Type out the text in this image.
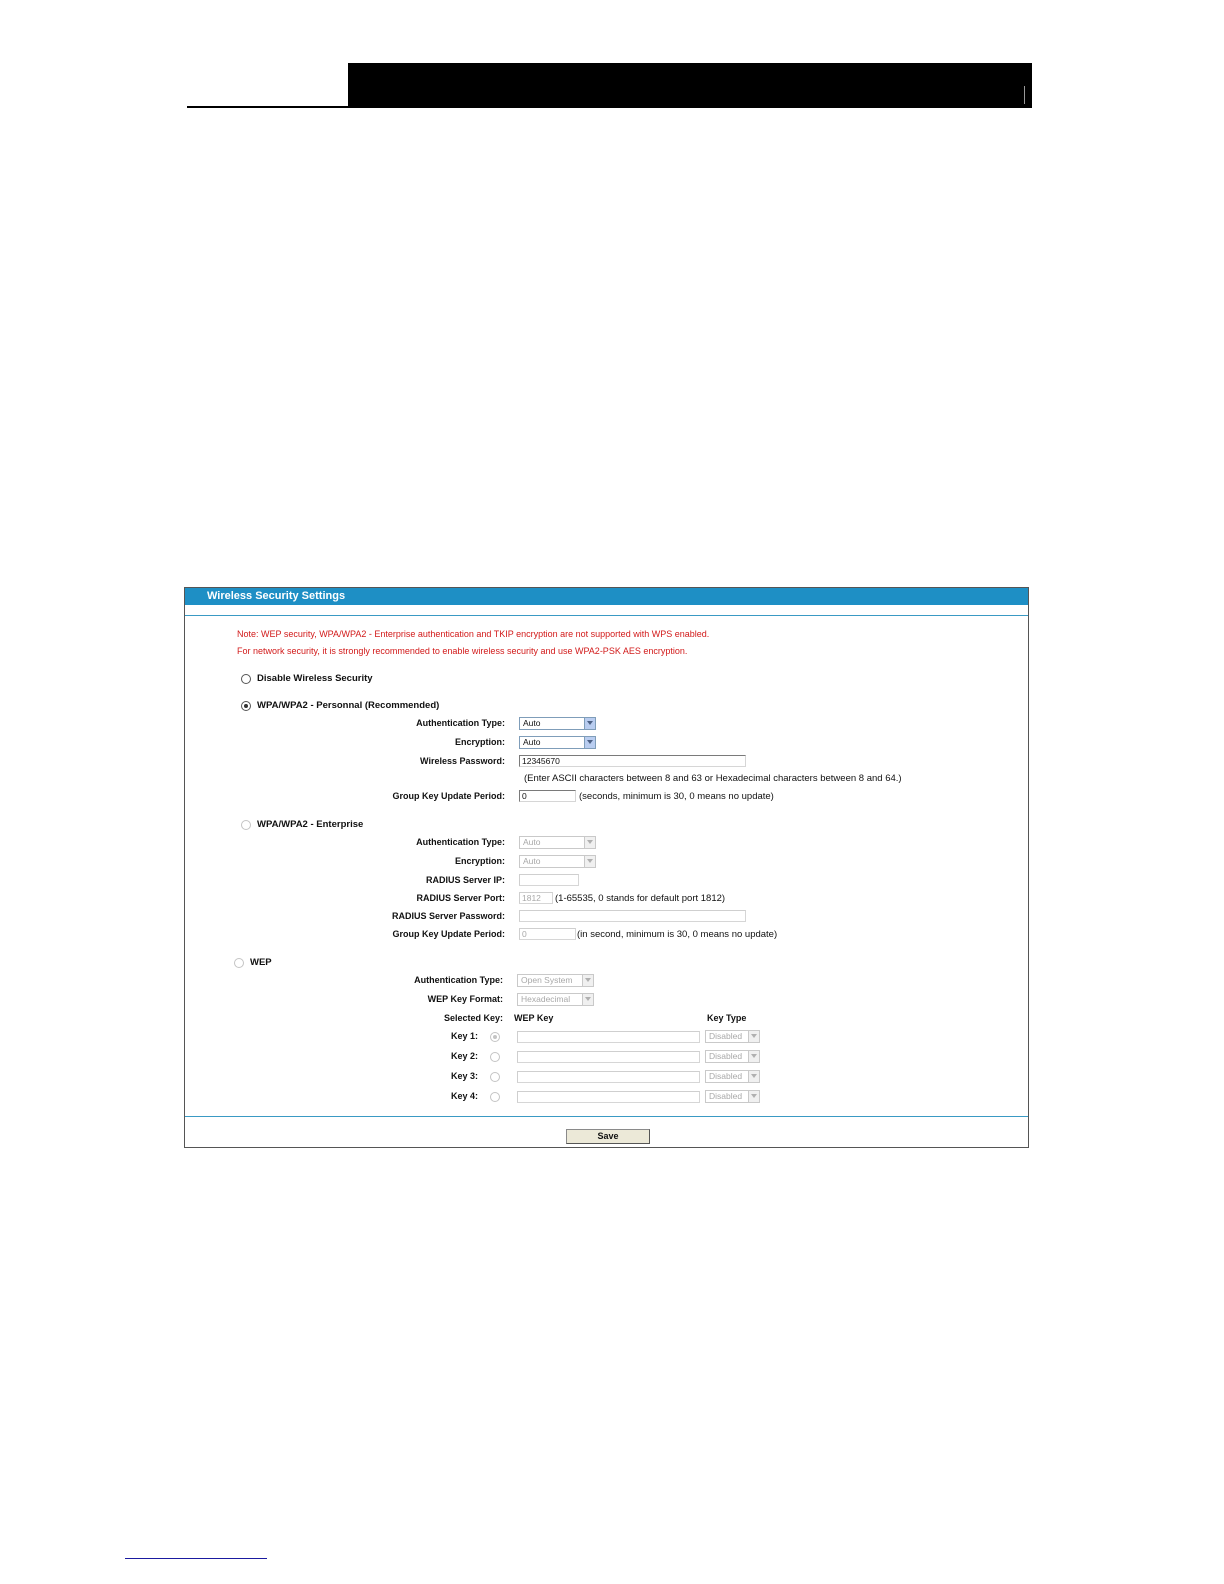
Wireless Security Settings
Note: WEP security, WPA/WPA2 - Enterprise authentication and TKIP encryption are not supported with WPS enabled.
For network security, it is strongly recommended to enable wireless security and use WPA2-PSK AES encryption.
Disable Wireless Security
WPA/WPA2 - Personnal (Recommended)
Authentication Type:	Auto
Encryption:	Auto
Wireless Password:	12345670
(Enter ASCII characters between 8 and 63 or Hexadecimal characters between 8 and 64.)
Group Key Update Period:	0	(seconds, minimum is 30, 0 means no update)
WPA/WPA2 - Enterprise
Authentication Type:	Auto
Encryption:	Auto
RADIUS Server IP:
RADIUS Server Port:	1812	(1-65535, 0 stands for default port 1812)
RADIUS Server Password:
Group Key Update Period:	0	(in second, minimum is 30, 0 means no update)
WEP
Authentication Type:	Open System
WEP Key Format:	Hexadecimal
Selected Key: WEP Key	Key Type
Key 1:	Disabled
Key 2:	Disabled
Key 3:	Disabled
Key 4:	Disabled
Save
